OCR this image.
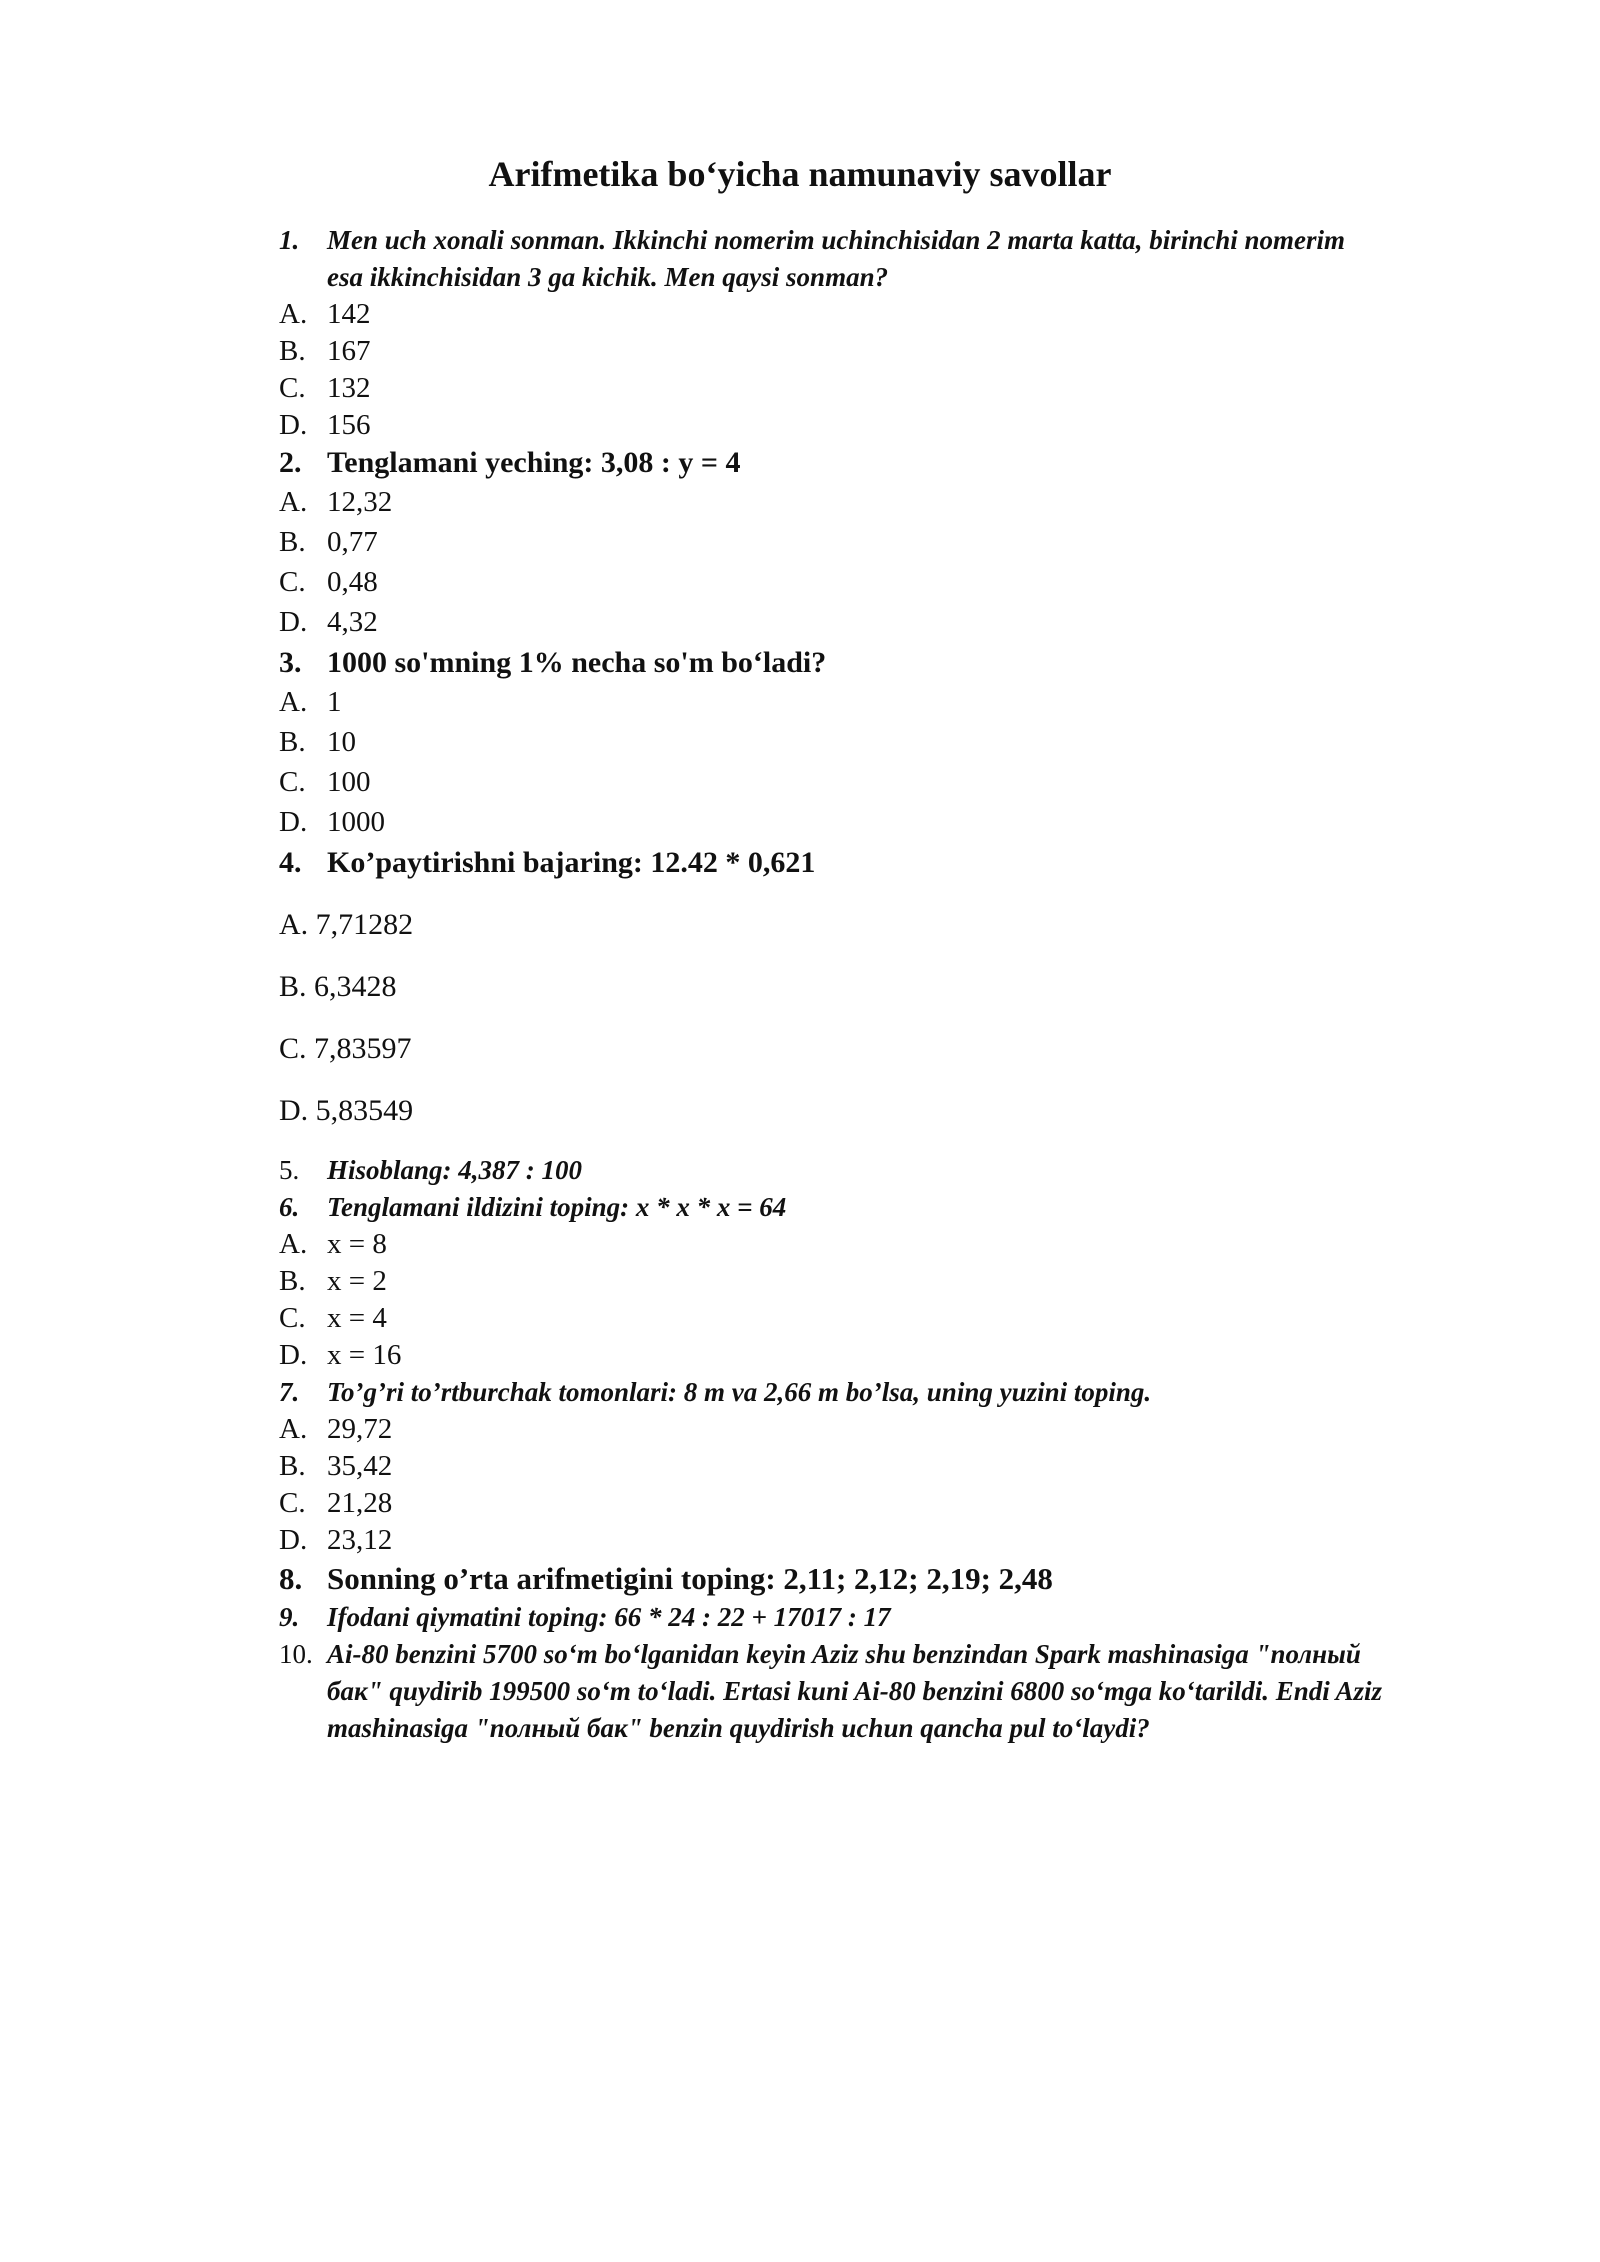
Arifmetika bo‘yicha namunaviy savollar
1. Men uch xonali sonman. Ikkinchi nomerim uchinchisidan 2 marta katta, birinchi nomerim
esa ikkinchisidan 3 ga kichik. Men qaysi sonman?
A. 142
B. 167
C. 132
D. 156
2. Tenglamani yeching: 3,08 : y = 4
A. 12,32
B. 0,77
C. 0,48
D. 4,32
3. 1000 so'mning 1% necha so'm bo‘ladi?
A. 1
B. 10
C. 100
D. 1000
4. Ko’paytirishni bajaring: 12.42 * 0,621
A. 7,71282
B. 6,3428
C. 7,83597
D. 5,83549
5. Hisoblang: 4,387 : 100
6. Tenglamani ildizini toping: x * x * x = 64
A. x = 8
B. x = 2
C. x = 4
D. x = 16
7. To’g’ri to’rtburchak tomonlari: 8 m va 2,66 m bo’lsa, uning yuzini toping.
A. 29,72
B. 35,42
C. 21,28
D. 23,12
8. Sonning o’rta arifmetigini toping: 2,11; 2,12; 2,19; 2,48
9. Ifodani qiymatini toping: 66 * 24 : 22 + 17017 : 17
10. Ai-80 benzini 5700 so‘m bo‘lganidan keyin Aziz shu benzindan Spark mashinasiga "полный
бак" quydirib 199500 so‘m to‘ladi. Ertasi kuni Ai-80 benzini 6800 so‘mga ko‘tarildi. Endi Aziz
mashinasiga "полный бак" benzin quydirish uchun qancha pul to‘laydi?
